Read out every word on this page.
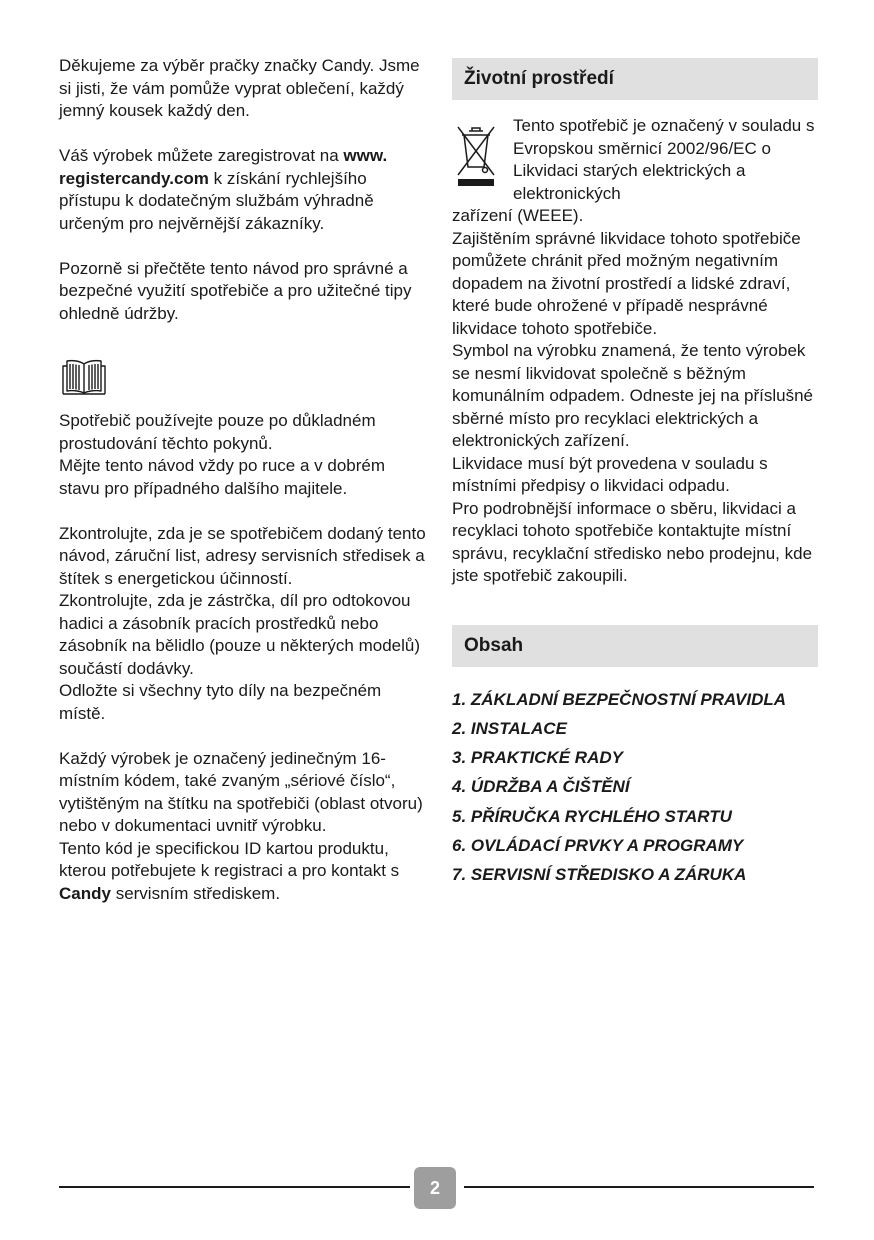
Děkujeme za výběr pračky značky Candy. Jsme si jisti, že vám pomůže vyprat oblečení, každý jemný kousek každý den.

Váš výrobek můžete zaregistrovat na www. registercandy.com k získání rychlejšího přístupu k dodatečným službám výhradně určeným pro nejvěrnější zákazníky.

Pozorně si přečtěte tento návod pro správné a bezpečné využití spotřebiče a pro užitečné tipy ohledně údržby.

Spotřebič používejte pouze po důkladném prostudování těchto pokynů.

Mějte tento návod vždy po ruce a v dobrém stavu pro případného dalšího majitele.

Zkontrolujte, zda je se spotřebičem dodaný tento návod, záruční list, adresy servisních středisek a štítek s energetickou účinností.

Zkontrolujte, zda je zástrčka, díl pro odtokovou hadici a zásobník pracích prostředků nebo zásobník na bělidlo (pouze u některých modelů) součástí dodávky.

Odložte si všechny tyto díly na bezpečném místě.

Každý výrobek je označený jedinečným 16-místním kódem, také zvaným „sériové číslo“, vytištěným na štítku na spotřebiči (oblast otvoru) nebo v dokumentaci uvnitř výrobku.

Tento kód je specifickou ID kartou produktu, kterou potřebujete k registraci a pro kontakt s Candy servisním střediskem.

Životní prostředí

Tento spotřebič je označený v souladu s Evropskou směrnicí 2002/96/EC o Likvidaci starých elektrických a elektronických

zařízení (WEEE).

Zajištěním správné likvidace tohoto spotřebiče pomůžete chránit před možným negativním dopadem na životní prostředí a lidské zdraví, které bude ohrožené v případě nesprávné likvidace tohoto spotřebiče.

Symbol na výrobku znamená, že tento výrobek se nesmí likvidovat společně s běžným komunálním odpadem. Odneste jej na příslušné sběrné místo pro recyklaci elektrických a elektronických zařízení.

Likvidace musí být provedena v souladu s místními předpisy o likvidaci odpadu.

Pro podrobnější informace o sběru, likvidaci a recyklaci tohoto spotřebiče kontaktujte místní správu, recyklační středisko nebo prodejnu, kde jste spotřebič zakoupili.

Obsah
1. ZÁKLADNÍ BEZPEČNOSTNÍ PRAVIDLA
2. INSTALACE
3. PRAKTICKÉ RADY
4. ÚDRŽBA A ČIŠTĚNÍ
5. PŘÍRUČKA RYCHLÉHO STARTU
6. OVLÁDACÍ PRVKY A PROGRAMY
7. SERVISNÍ STŘEDISKO A ZÁRUKA
2
